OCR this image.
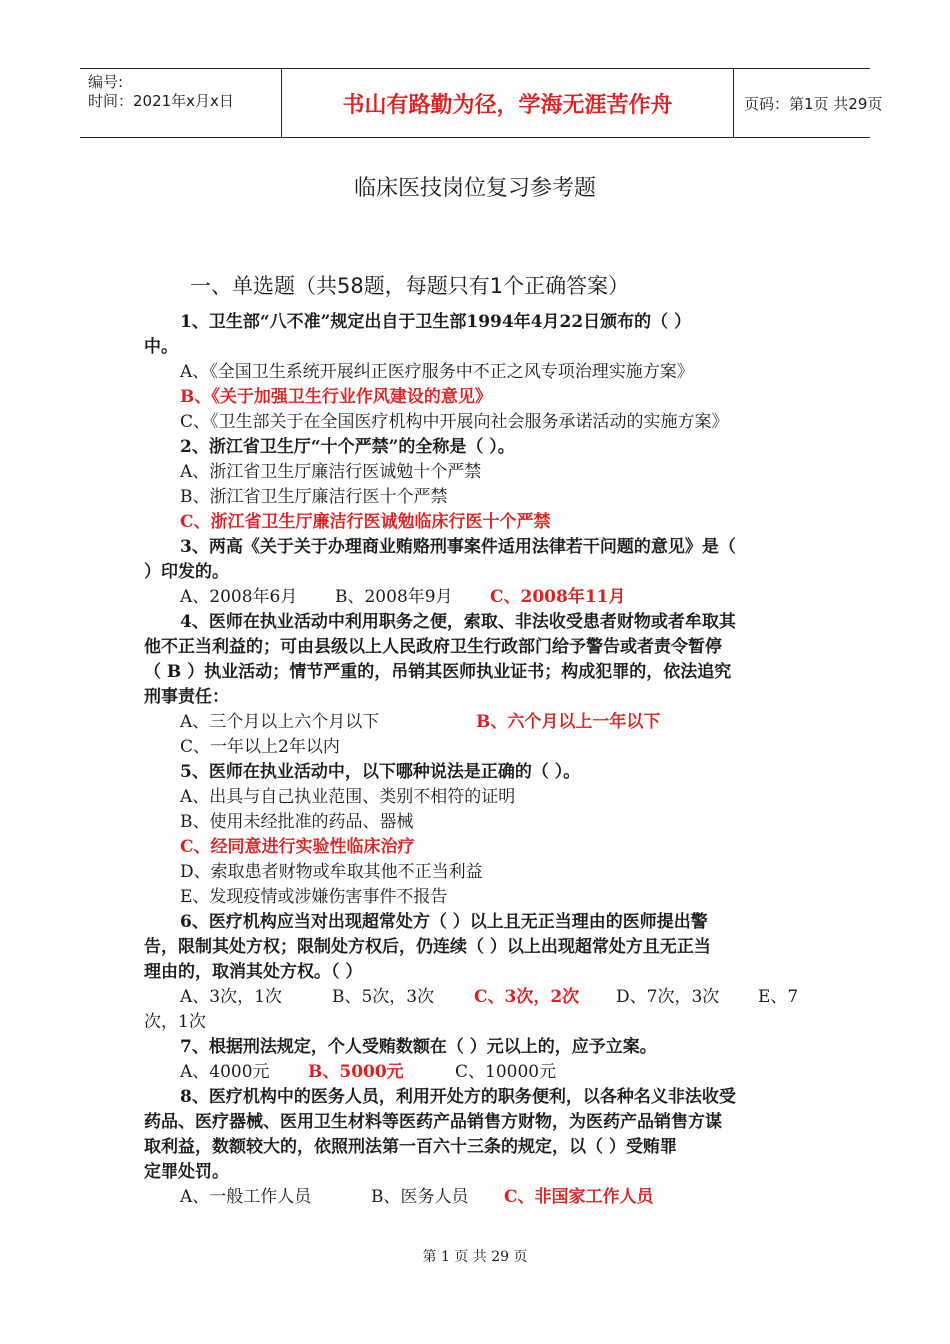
编号:
时间：2021年x月x日	书山有路勤为径，学海无涯苦作舟	页码：第1页 共29页
临床医技岗位复习参考题
一、单选题（共58题，每题只有1个正确答案）
1、卫生部“八不准”规定出自于卫生部1994年4月22日颁布的（ ）
中。
A、《全国卫生系统开展纠正医疗服务中不正之风专项治理实施方案》
B、《关于加强卫生行业作风建设的意见》
C、《卫生部关于在全国医疗机构中开展向社会服务承诺活动的实施方案》
2、浙江省卫生厅“十个严禁”的全称是（ ）。
A、浙江省卫生厅廉洁行医诚勉十个严禁
B、浙江省卫生厅廉洁行医十个严禁
C、浙江省卫生厅廉洁行医诚勉临床行医十个严禁
3、两高《关于关于办理商业贿赂刑事案件适用法律若干问题的意见》是（
）印发的。
A、2008年6月 B、2008年9月 C、2008年11月
4、医师在执业活动中利用职务之便，索取、非法收受患者财物或者牟取其
他不正当利益的；可由县级以上人民政府卫生行政部门给予警告或者责令暂停
（ B ）执业活动；情节严重的，吊销其医师执业证书；构成犯罪的，依法追究
刑事责任：
A、三个月以上六个月以下	B、六个月以上一年以下
C、一年以上2年以内
5、医师在执业活动中，以下哪种说法是正确的（ ）。
A、出具与自己执业范围、类别不相符的证明
B、使用未经批准的药品、器械
C、经同意进行实验性临床治疗
D、索取患者财物或牟取其他不正当利益
E、发现疫情或涉嫌伤害事件不报告
6、医疗机构应当对出现超常处方（ ）以上且无正当理由的医师提出警
告，限制其处方权；限制处方权后，仍连续（ ）以上出现超常处方且无正当
理由的，取消其处方权。（ ）
A、3次，1次	B、5次，3次 C、3次，2次 D、7次，3次 E、7
次，1次
7、根据刑法规定，个人受贿数额在（ ）元以上的，应予立案。
A、4000元 B、5000元	C、10000元
8、医疗机构中的医务人员，利用开处方的职务便利，以各种名义非法收受
药品、医疗器械、医用卫生材料等医药产品销售方财物，为医药产品销售方谋
取利益，数额较大的，依照刑法第一百六十三条的规定，以（ ）受贿罪
定罪处罚。
A、一般工作人员	B、医务人员 C、非国家工作人员
第 1 页 共 29 页
